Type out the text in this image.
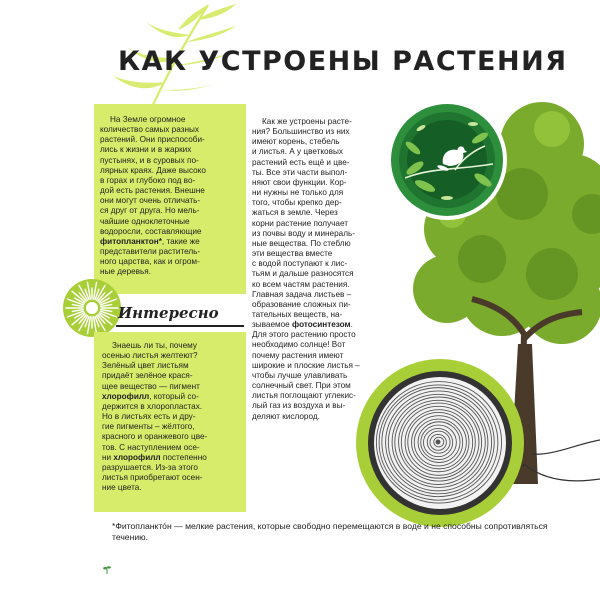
КАК УСТРОЕНЫ РАСТЕНИЯ
На Земле огромное
количество самых разных
растений. Они приспособи-
лись к жизни и в жарких
пустынях, и в суровых по-
лярных краях. Даже высоко
в горах и глубоко под во-
дой есть растения. Внешне
они могут очень отличать-
ся друг от друга. Но мель-
чайшие одноклеточные
водоросли, составляющие
фитопланктон*, такие же
представители раститель-
ного царства, как и огром-
ные деревья.
Интересно
Знаешь ли ты, почему
осенью листья желтеют?
Зелёный цвет листьям
придаёт зелёное крася-
щее вещество — пигмент
хлорофилл, который со-
держится в хлоропластах.
Но в листьях есть и дру-
гие пигменты – жёлтого,
красного и оранжевого цве-
тов. С наступлением осе-
ни хлорофилл постепенно
разрушается. Из-за этого
листья приобретают осен-
ние цвета.
Как же устроены расте-
ния? Большинство из них
имеют корень, стебель
и листья. А у цветковых
растений есть ещё и цве-
ты. Все эти части выпол-
няют свои функции. Кор-
ни нужны не только для
того, чтобы крепко дер-
жаться в земле. Через
корни растение получает
из почвы воду и минераль-
ные вещества. По стеблю
эти вещества вместе
с водой поступают к лис-
тьям и дальше разносятся
ко всем частям растения.
Главная задача листьев –
образование сложных пи-
тательных веществ, на-
зываемое фотосинтезом.
Для этого растению просто
необходимо солнце! Вот
почему растения имеют
широкие и плоские листья –
чтобы лучше улавливать
солнечный свет. При этом
листья поглощают углекис-
лый газ из воздуха и вы-
деляют кислород.
*Фитопланкто́н — мелкие растения, которые свободно перемещаются в воде и не способны сопротивляться течению.
